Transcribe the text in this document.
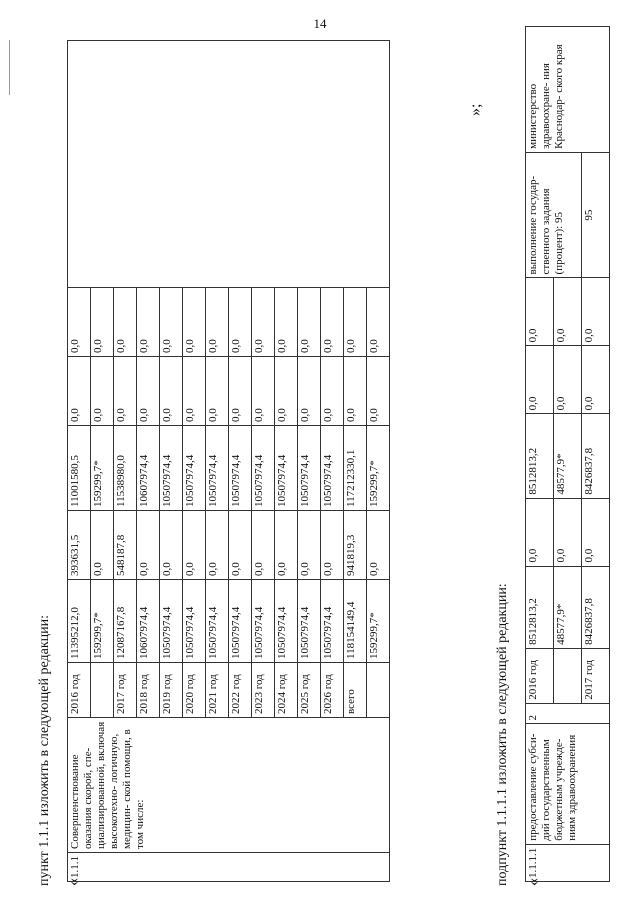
14
пункт 1.1.1 изложить в следующей редакции: «
1.1.1	Совершенствование оказания скорой, спе- циализированной, включая высокотехно- логичную, медицин- ской помощи, в том числе:	2016 год	11395212,0	393631,5	11001580,5	0,0	0,0	
			159299,7*	0,0	159299,7*	0,0	0,0	
		2017 год	12087167,8	548187,8	11538980,0	0,0	0,0	
		2018 год	10607974,4	0,0	10607974,4	0,0	0,0	
		2019 год	10507974,4	0,0	10507974,4	0,0	0,0	
		2020 год	10507974,4	0,0	10507974,4	0,0	0,0	
		2021 год	10507974,4	0,0	10507974,4	0,0	0,0	
		2022 год	10507974,4	0,0	10507974,4	0,0	0,0	
		2023 год	10507974,4	0,0	10507974,4	0,0	0,0	
		2024 год	10507974,4	0,0	10507974,4	0,0	0,0	
		2025 год	10507974,4	0,0	10507974,4	0,0	0,0	
		2026 год	10507974,4	0,0	10507974,4	0,0	0,0	
		всего	118154149,4	941819,3	117212330,1	0,0	0,0	
			159299,7*	0,0	159299,7*	0,0	0,0	
»;
подпункт 1.1.1.1 изложить в следующей редакции: «
1.1.1.1	предоставление субси- дий государственным бюджетным учрежде- ниям здравоохранения	2	2016 год	8512813,2	0,0	8512813,2	0,0	0,0	выполнение государ- ственного задания (процент): 95	министерство здравоохране- ния Краснодар- ского края
				48577,9*	0,0	48577,9*	0,0	0,0		
			2017 год	8426837,8	0,0	8426837,8	0,0	0,0	95	
